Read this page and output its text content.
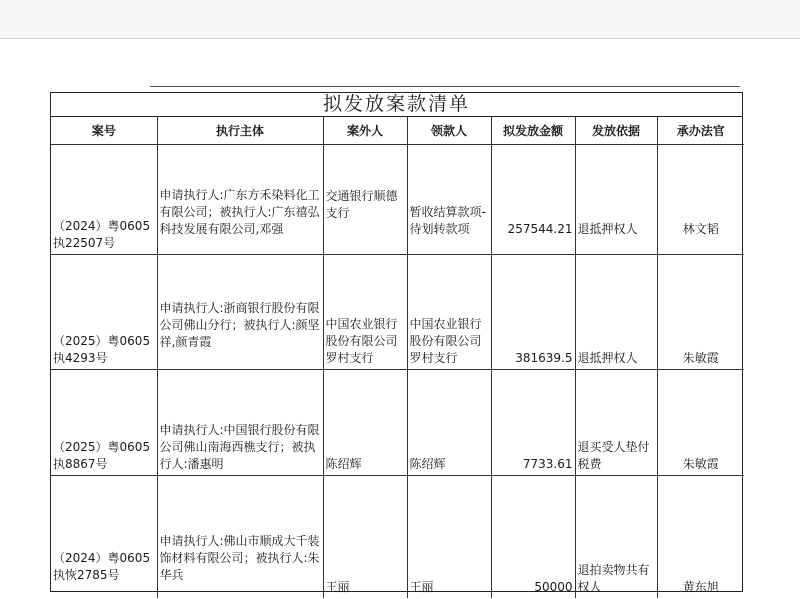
拟发放案款清单
案号	执行主体	案外人	领款人	拟发放金额	发放依据	承办法官
（2024）粤0605执22507号	申请执行人:广东方禾染料化工有限公司；被执行人:广东禧弘科技发展有限公司,邓强	交通银行顺德支行	暂收结算款项-待划转款项	257544.21	退抵押权人	林文韬
（2025）粤0605执4293号	申请执行人:浙商银行股份有限公司佛山分行；被执行人:颜坚祥,颜青霞	中国农业银行股份有限公司罗村支行	中国农业银行股份有限公司罗村支行	381639.5	退抵押权人	朱敏霞
（2025）粤0605执8867号	申请执行人:中国银行股份有限公司佛山南海西樵支行；被执行人:潘惠明	陈绍辉	陈绍辉	7733.61	退买受人垫付税费	朱敏霞
（2024）粤0605执恢2785号	申请执行人:佛山市顺成大千装饰材料有限公司；被执行人:朱华兵	王丽	王丽	50000	退拍卖物共有权人	黄东旭
